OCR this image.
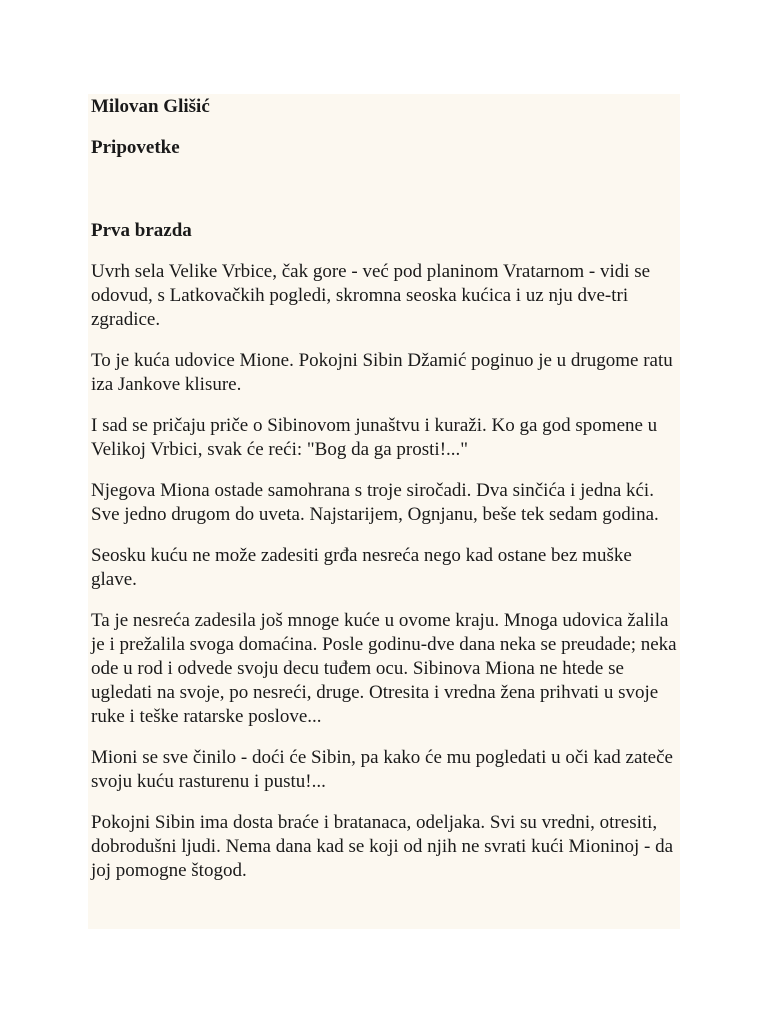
Milovan Glišić
Pripovetke
Prva brazda

Uvrh sela Velike Vrbice, čak gore - već pod planinom Vratarnom - vidi se odovud, s Latkovačkih pogledi, skromna seoska kućica i uz nju dve-tri zgradice.

To je kuća udovice Mione. Pokojni Sibin Džamić poginuo je u drugome ratu iza Jankove klisure.

I sad se pričaju priče o Sibinovom junaštvu i kuraži. Ko ga god spomene u Velikoj Vrbici, svak će reći: "Bog da ga prosti!..."

Njegova Miona ostade samohrana s troje siročadi. Dva sinčića i jedna kći. Sve jedno drugom do uveta. Najstarijem, Ognjanu, beše tek sedam godina.

Seosku kuću ne može zadesiti grđa nesreća nego kad ostane bez muške glave.

Ta je nesreća zadesila još mnoge kuće u ovome kraju. Mnoga udovica žalila je i prežalila svoga domaćina. Posle godinu-dve dana neka se preudade; neka ode u rod i odvede svoju decu tuđem ocu. Sibinova Miona ne htede se ugledati na svoje, po nesreći, druge. Otresita i vredna žena prihvati u svoje ruke i teške ratarske poslove...

Mioni se sve činilo - doći će Sibin, pa kako će mu pogledati u oči kad zateče svoju kuću rasturenu i pustu!...

Pokojni Sibin ima dosta braće i bratanaca, odeljaka. Svi su vredni, otresiti, dobrodušni ljudi. Nema dana kad se koji od njih ne svrati kući Mioninoj - da joj pomogne štogod.
